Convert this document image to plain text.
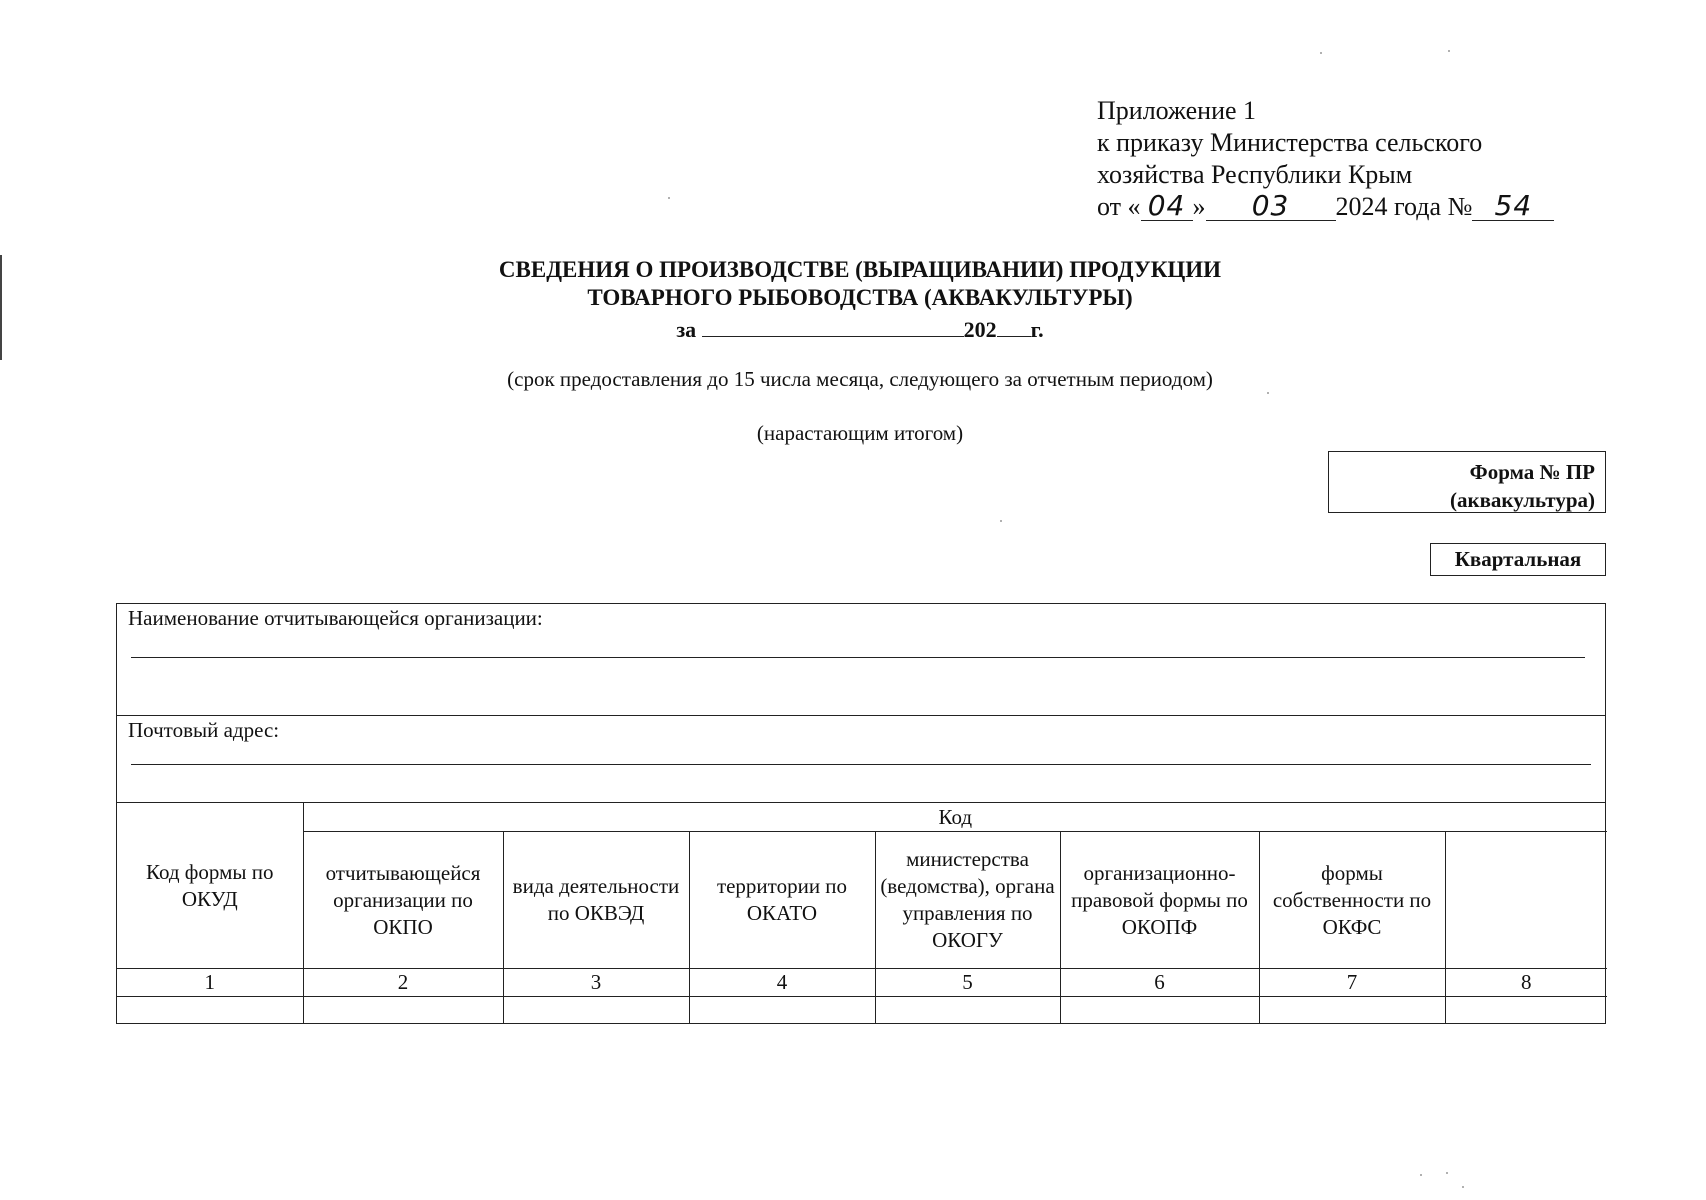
Приложение 1
к приказу Министерства сельского
хозяйства Республики Крым
от « 04 » 03 2024 года № 54
СВЕДЕНИЯ О ПРОИЗВОДСТВЕ (ВЫРАЩИВАНИИ) ПРОДУКЦИИ
ТОВАРНОГО РЫБОВОДСТВА (АКВАКУЛЬТУРЫ)
за	202 г.
(срок предоставления до 15 числа месяца, следующего за отчетным периодом)
(нарастающим итогом)
Форма № ПР
(аквакультура)
Квартальная
Наименование отчитывающейся организации:
Почтовый адрес:
Код формы по ОКУД	Код						
	отчитывающейся организации по ОКПО	вида деятельности по ОКВЭД	территории по ОКАТО	министерства (ведомства), органа управления по ОКОГУ	организационно-правовой формы по ОКОПФ	формы собственности по ОКФС	
1	2	3	4	5	6	7	8
